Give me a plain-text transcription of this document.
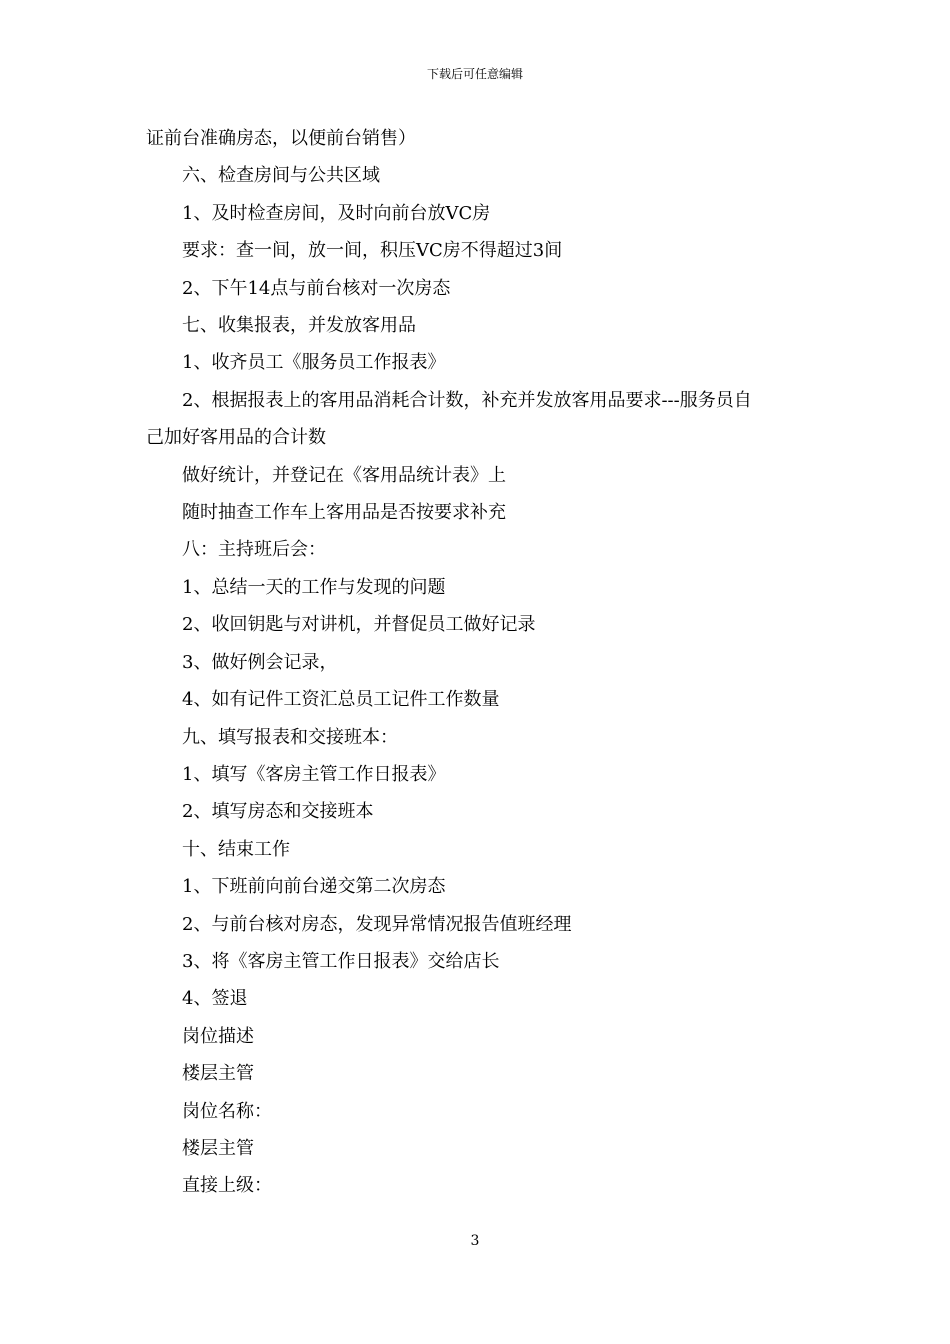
下载后可任意编辑
证前台准确房态，以便前台销售）
六、检查房间与公共区域
1、及时检查房间，及时向前台放VC房
要求：查一间，放一间，积压VC房不得超过3间
2、下午14点与前台核对一次房态
七、收集报表，并发放客用品
1、收齐员工《服务员工作报表》
2、根据报表上的客用品消耗合计数，补充并发放客用品要求---服务员自
己加好客用品的合计数
做好统计，并登记在《客用品统计表》上
随时抽查工作车上客用品是否按要求补充
八：主持班后会：
1、总结一天的工作与发现的问题
2、收回钥匙与对讲机，并督促员工做好记录
3、做好例会记录，
4、如有记件工资汇总员工记件工作数量
九、填写报表和交接班本：
1、填写《客房主管工作日报表》
2、填写房态和交接班本
十、结束工作
1、下班前向前台递交第二次房态
2、与前台核对房态，发现异常情况报告值班经理
3、将《客房主管工作日报表》交给店长
4、签退
岗位描述
楼层主管
岗位名称：
楼层主管
直接上级：
3
